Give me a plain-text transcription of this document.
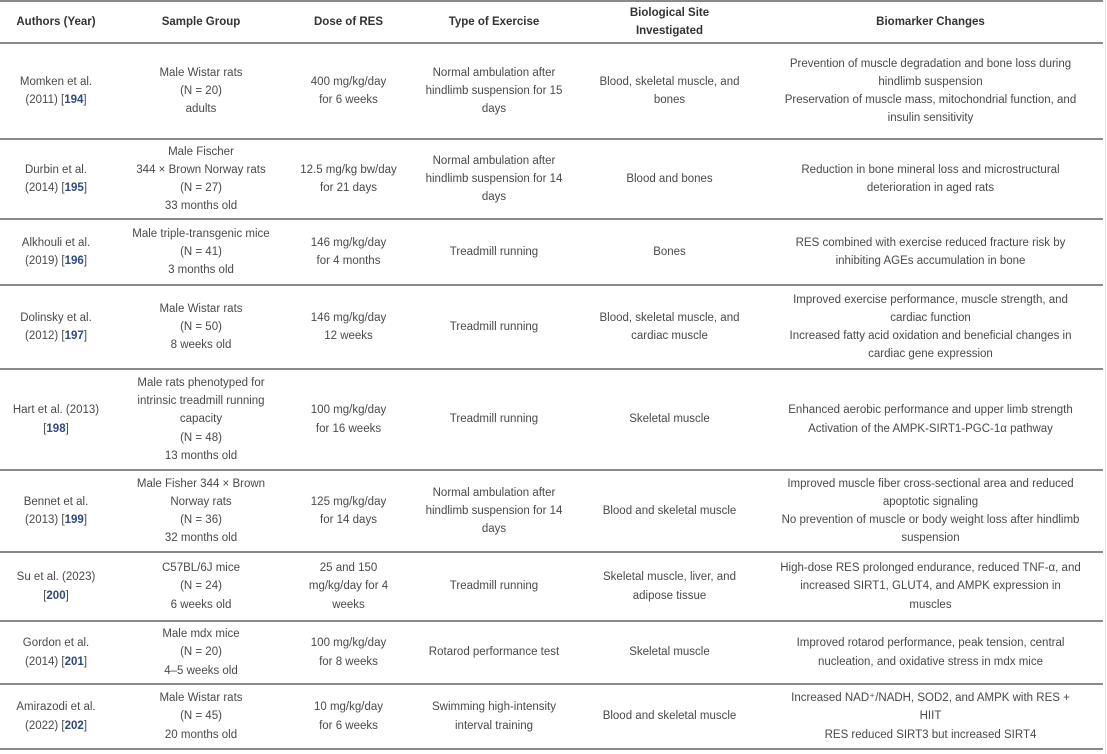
Authors (Year)	Sample Group	Dose of RES	Type of Exercise	Biological Site Investigated	Biomarker Changes

Momken et al.
(2011) [194]	Male Wistar rats
(N = 20)
adults	400 mg/kg/day
for 6 weeks	Normal ambulation after
hindlimb suspension for 15
days	Blood, skeletal muscle, and
bones	Prevention of muscle degradation and bone loss during
hindlimb suspension
Preservation of muscle mass, mitochondrial function, and
insulin sensitivity

Durbin et al.
(2014) [195]	Male Fischer
344 × Brown Norway rats
(N = 27)
33 months old	12.5 mg/kg bw/day
for 21 days	Normal ambulation after
hindlimb suspension for 14
days	Blood and bones	Reduction in bone mineral loss and microstructural
deterioration in aged rats

Alkhouli et al.
(2019) [196]	Male triple-transgenic mice
(N = 41)
3 months old	146 mg/kg/day
for 4 months	Treadmill running	Bones	RES combined with exercise reduced fracture risk by
inhibiting AGEs accumulation in bone

Dolinsky et al.
(2012) [197]	Male Wistar rats
(N = 50)
8 weeks old	146 mg/kg/day
12 weeks	Treadmill running	Blood, skeletal muscle, and
cardiac muscle	Improved exercise performance, muscle strength, and
cardiac function
Increased fatty acid oxidation and beneficial changes in
cardiac gene expression

Hart et al. (2013)
[198]	Male rats phenotyped for
intrinsic treadmill running
capacity
(N = 48)
13 months old	100 mg/kg/day
for 16 weeks	Treadmill running	Skeletal muscle	Enhanced aerobic performance and upper limb strength
Activation of the AMPK-SIRT1-PGC-1α pathway

Bennet et al.
(2013) [199]	Male Fisher 344 × Brown
Norway rats
(N = 36)
32 months old	125 mg/kg/day
for 14 days	Normal ambulation after
hindlimb suspension for 14
days	Blood and skeletal muscle	Improved muscle fiber cross-sectional area and reduced
apoptotic signaling
No prevention of muscle or body weight loss after hindlimb
suspension

Su et al. (2023)
[200]	C57BL/6J mice
(N = 24)
6 weeks old	25 and 150
mg/kg/day for 4
weeks	Treadmill running	Skeletal muscle, liver, and
adipose tissue	High-dose RES prolonged endurance, reduced TNF-α, and
increased SIRT1, GLUT4, and AMPK expression in
muscles

Gordon et al.
(2014) [201]	Male mdx mice
(N = 20)
4–5 weeks old	100 mg/kg/day
for 8 weeks	Rotarod performance test	Skeletal muscle	Improved rotarod performance, peak tension, central
nucleation, and oxidative stress in mdx mice

Amirazodi et al.
(2022) [202]	Male Wistar rats
(N = 45)
20 months old	10 mg/kg/day
for 6 weeks	Swimming high-intensity
interval training	Blood and skeletal muscle	Increased NAD⁺/NADH, SOD2, and AMPK with RES +
HIIT
RES reduced SIRT3 but increased SIRT4
